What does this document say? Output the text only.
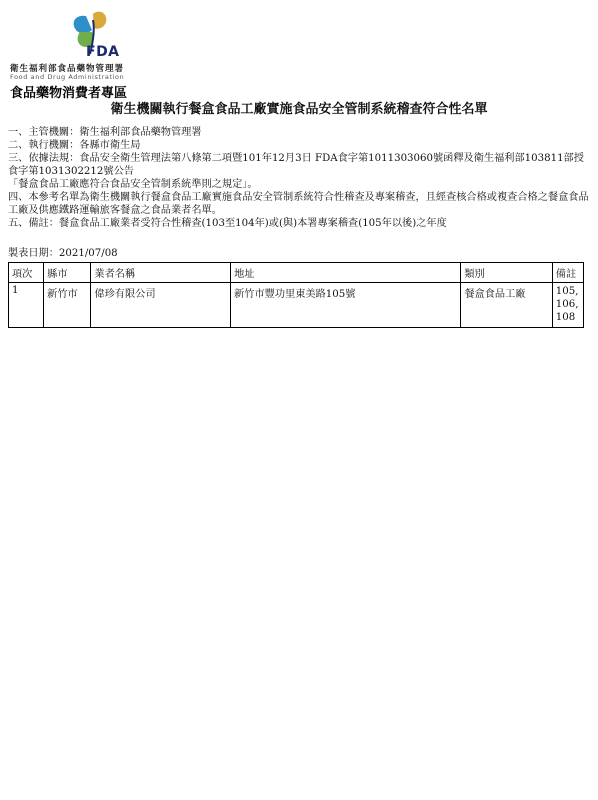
FDA
衛生福利部食品藥物管理署
Food and Drug Administration
食品藥物消費者專區
衛生機關執行餐盒食品工廠實施食品安全管制系統稽查符合性名單

一、主管機關：衛生福利部食品藥物管理署

二、執行機關：各縣市衛生局

三、依據法規：食品安全衛生管理法第八條第二項暨101年12月3日 FDA食字第1011303060號函釋及衛生福利部103811部授食字第1031302212號公告

「餐盒食品工廠應符合食品安全管制系統準則之規定」。

四、本參考名單為衛生機關執行餐盒食品工廠實施食品安全管制系統符合性稽查及專案稽查，且經查核合格或複查合格之餐盒食品工廠及供應鐵路運輸旅客餐盒之食品業者名單。

五、備註：餐盒食品工廠業者受符合性稽查(103至104年)或(與)本署專案稽查(105年以後)之年度

製表日期：2021/07/08
項次	縣市	業者名稱	地址	類別	備註
1	新竹市	偉珍有限公司	新竹市豐功里東美路105號	餐盒食品工廠	105,
106,
108
